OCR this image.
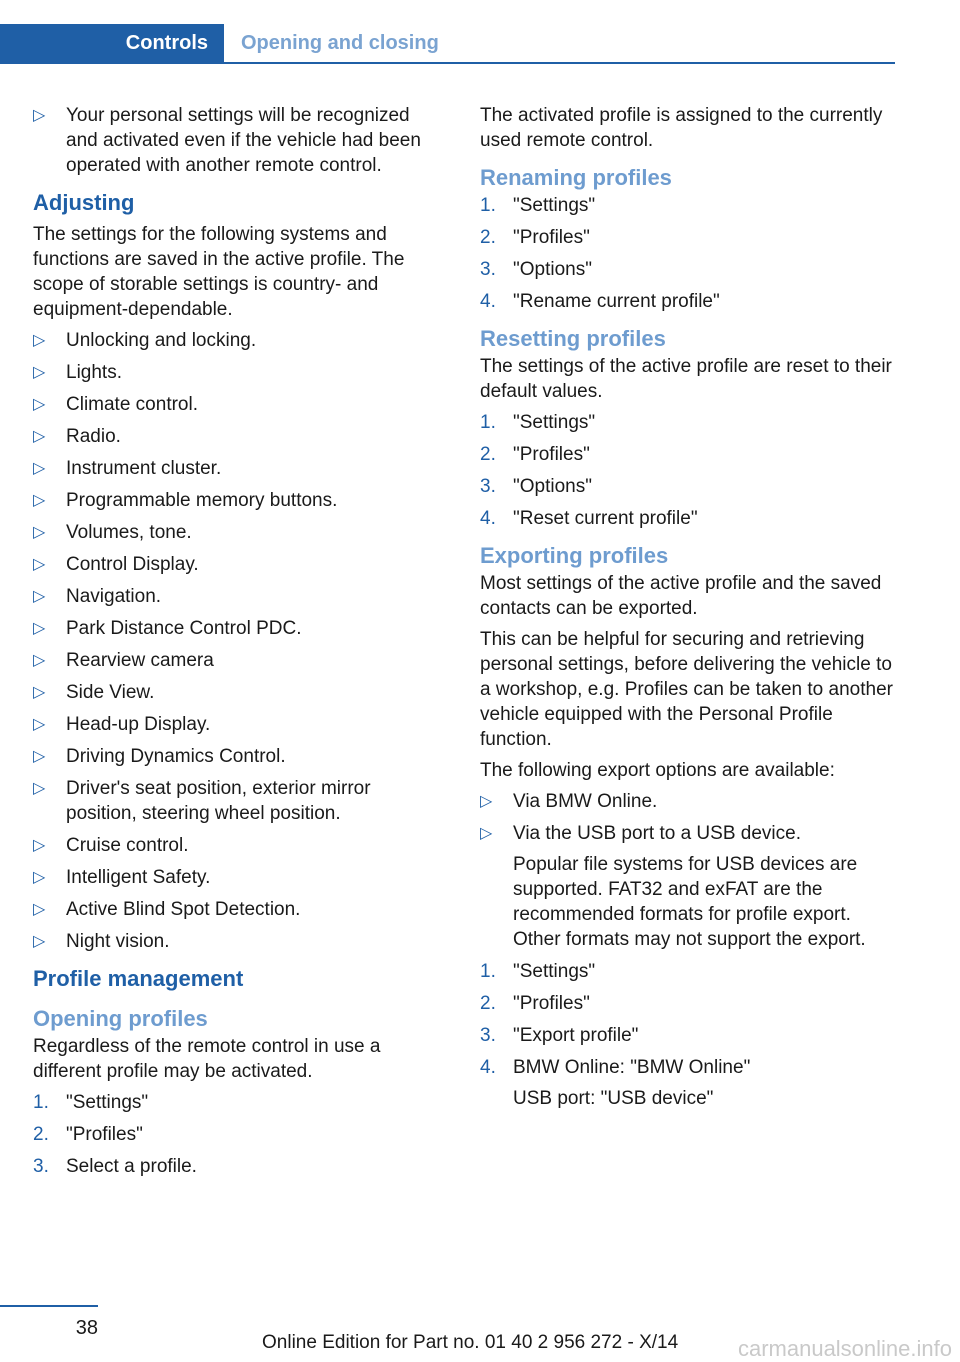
Controls	Opening and closing
▷ Your personal settings will be recognized and activated even if the vehicle had been operated with another remote control.
Adjusting

The settings for the following systems and functions are saved in the active profile. The scope of storable settings is country- and equipment-dependable.

▷ Unlocking and locking.
▷ Lights.
▷ Climate control.
▷ Radio.
▷ Instrument cluster.
▷ Programmable memory buttons.
▷ Volumes, tone.
▷ Control Display.
▷ Navigation.
▷ Park Distance Control PDC.
▷ Rearview camera
▷ Side View.
▷ Head-up Display.
▷ Driving Dynamics Control.
▷ Driver's seat position, exterior mirror position, steering wheel position.
▷ Cruise control.
▷ Intelligent Safety.
▷ Active Blind Spot Detection.
▷ Night vision.
Profile management
Opening profiles

Regardless of the remote control in use a different profile may be activated.

1. "Settings"
2. "Profiles"
3. Select a profile.

The activated profile is assigned to the currently used remote control.

Renaming profiles
1. "Settings"
2. "Profiles"
3. "Options"
4. "Rename current profile"
Resetting profiles

The settings of the active profile are reset to their default values.

1. "Settings"
2. "Profiles"
3. "Options"
4. "Reset current profile"
Exporting profiles

Most settings of the active profile and the saved contacts can be exported.

This can be helpful for securing and retrieving personal settings, before delivering the vehicle to a workshop, e.g. Profiles can be taken to another vehicle equipped with the Personal Profile function.

The following export options are available:

▷ Via BMW Online.
▷ Via the USB port to a USB device.
Popular file systems for USB devices are supported. FAT32 and exFAT are the recommended formats for profile export. Other formats may not support the export.
1. "Settings"
2. "Profiles"
3. "Export profile"
4. BMW Online: "BMW Online"
USB port: "USB device"
38
Online Edition for Part no. 01 40 2 956 272 - X/14	carmanualsonline.info
